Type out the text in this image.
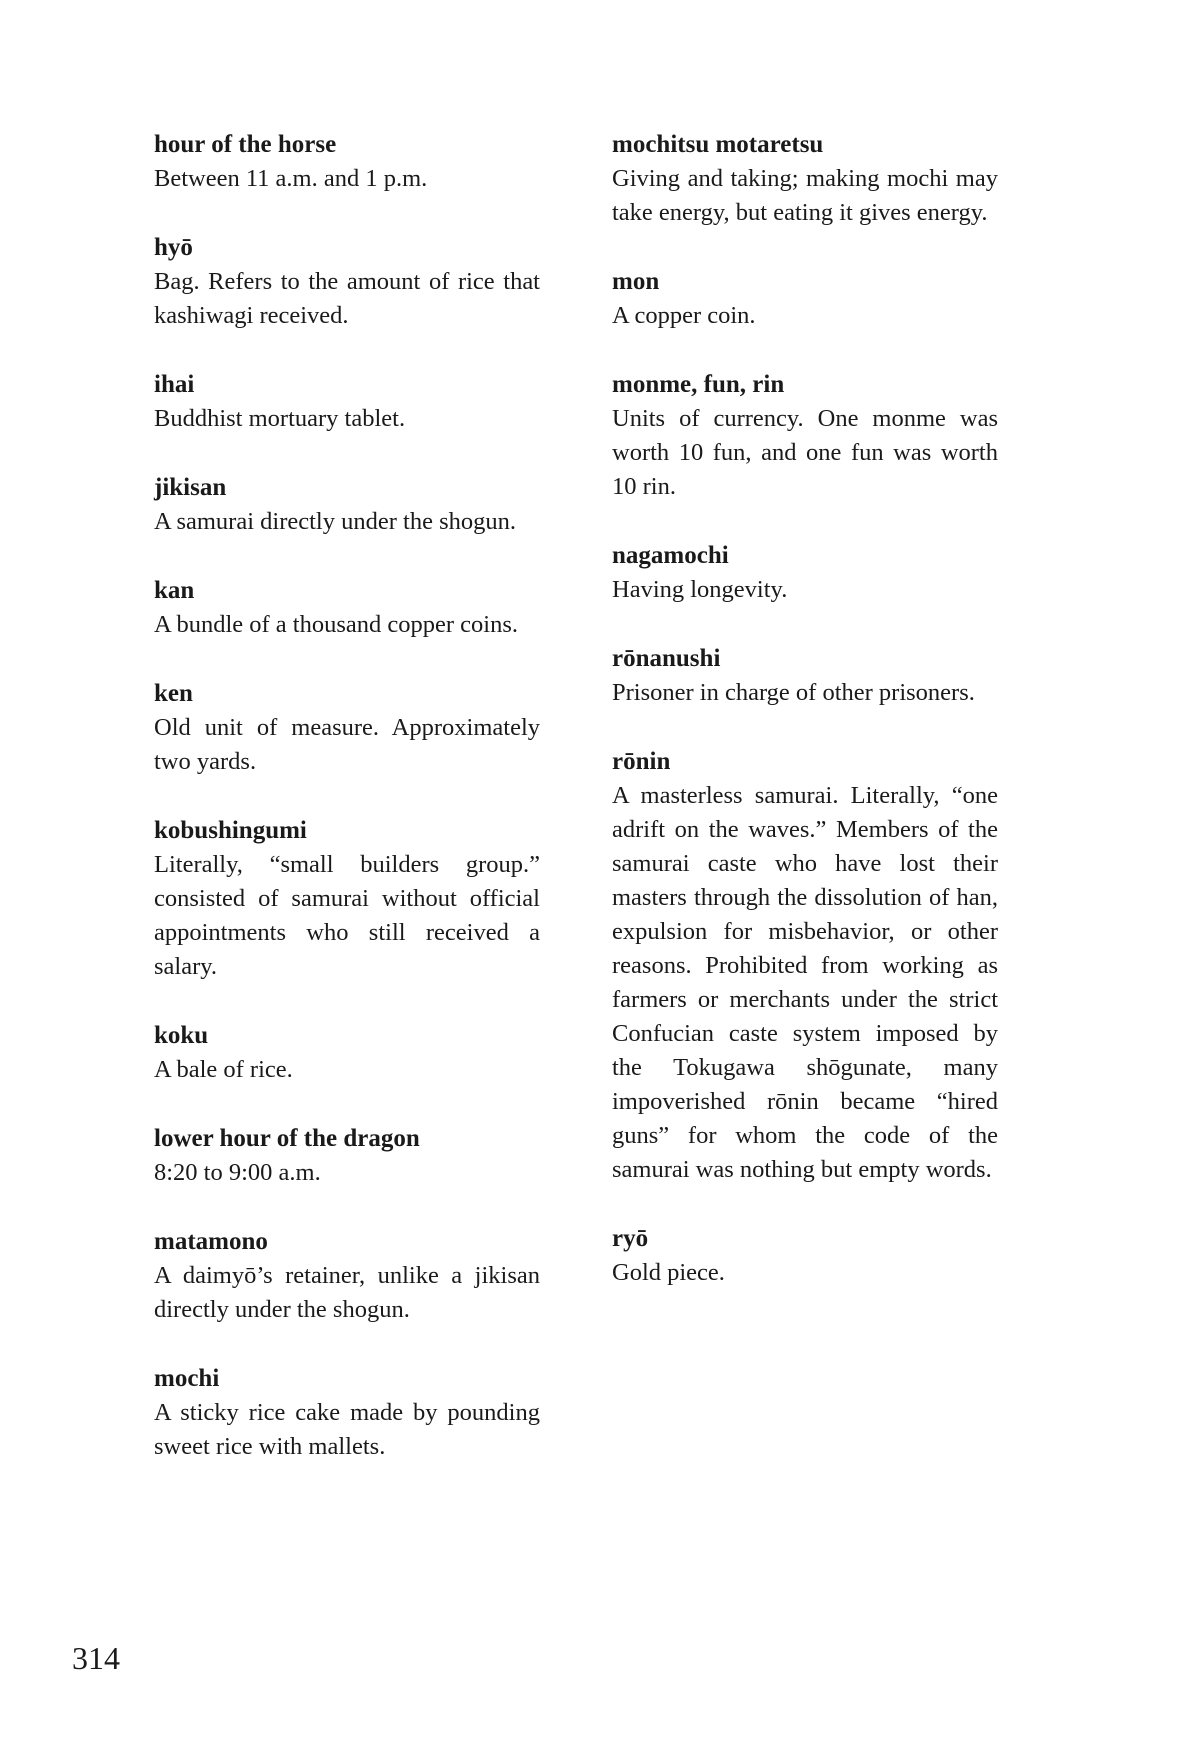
hour of the horse
Between 11 a.m. and 1 p.m.
hyō
Bag. Refers to the amount of rice that kashiwagi received.
ihai
Buddhist mortuary tablet.
jikisan
A samurai directly under the shogun.
kan
A bundle of a thousand copper coins.
ken
Old unit of measure. Approximately two yards.
kobushingumi
Literally, “small builders group.” consisted of samurai without official appointments who still received a salary.
koku
A bale of rice.
lower hour of the dragon
8:20 to 9:00 a.m.
matamono
A daimyō’s retainer, unlike a jikisan directly under the shogun.
mochi
A sticky rice cake made by pounding sweet rice with mallets.
mochitsu motaretsu
Giving and taking; making mochi may take energy, but eating it gives energy.
mon
A copper coin.
monme, fun, rin
Units of currency. One monme was worth 10 fun, and one fun was worth 10 rin.
nagamochi
Having longevity.
rōnanushi
Prisoner in charge of other prisoners.
rōnin
A masterless samurai. Literally, “one adrift on the waves.” Members of the samurai caste who have lost their masters through the dissolution of han, expulsion for misbehavior, or other reasons. Prohibited from working as farmers or merchants under the strict Confucian caste system imposed by the Tokugawa shōgunate, many impoverished rōnin became “hired guns” for whom the code of the samurai was nothing but empty words.
ryō
Gold piece.
314
